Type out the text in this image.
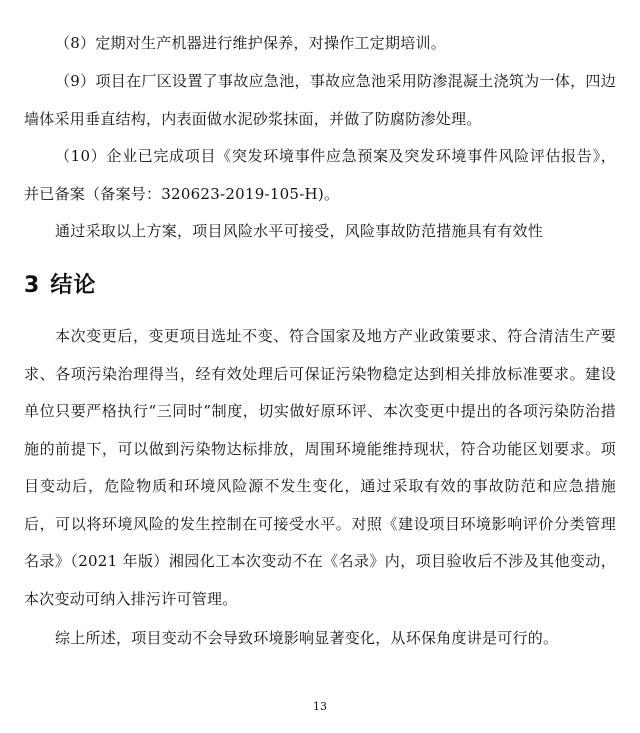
（8）定期对生产机器进行维护保养，对操作工定期培训。

（9）项目在厂区设置了事故应急池，事故应急池采用防渗混凝土浇筑为一体，四边墙体采用垂直结构，内表面做水泥砂浆抹面，并做了防腐防渗处理。

（10）企业已完成项目《突发环境事件应急预案及突发环境事件风险评估报告》，并已备案（备案号：320623-2019-105-H)。

通过采取以上方案，项目风险水平可接受，风险事故防范措施具有有效性

3 结论

本次变更后，变更项目选址不变、符合国家及地方产业政策要求、符合清洁生产要求、各项污染治理得当，经有效处理后可保证污染物稳定达到相关排放标准要求。建设单位只要严格执行“三同时”制度，切实做好原环评、本次变更中提出的各项污染防治措施的前提下，可以做到污染物达标排放，周围环境能维持现状，符合功能区划要求。项目变动后，危险物质和环境风险源不发生变化，通过采取有效的事故防范和应急措施后，可以将环境风险的发生控制在可接受水平。对照《建设项目环境影响评价分类管理名录》（2021 年版）湘园化工本次变动不在《名录》内，项目验收后不涉及其他变动，本次变动可纳入排污许可管理。

综上所述，项目变动不会导致环境影响显著变化，从环保角度讲是可行的。

13
